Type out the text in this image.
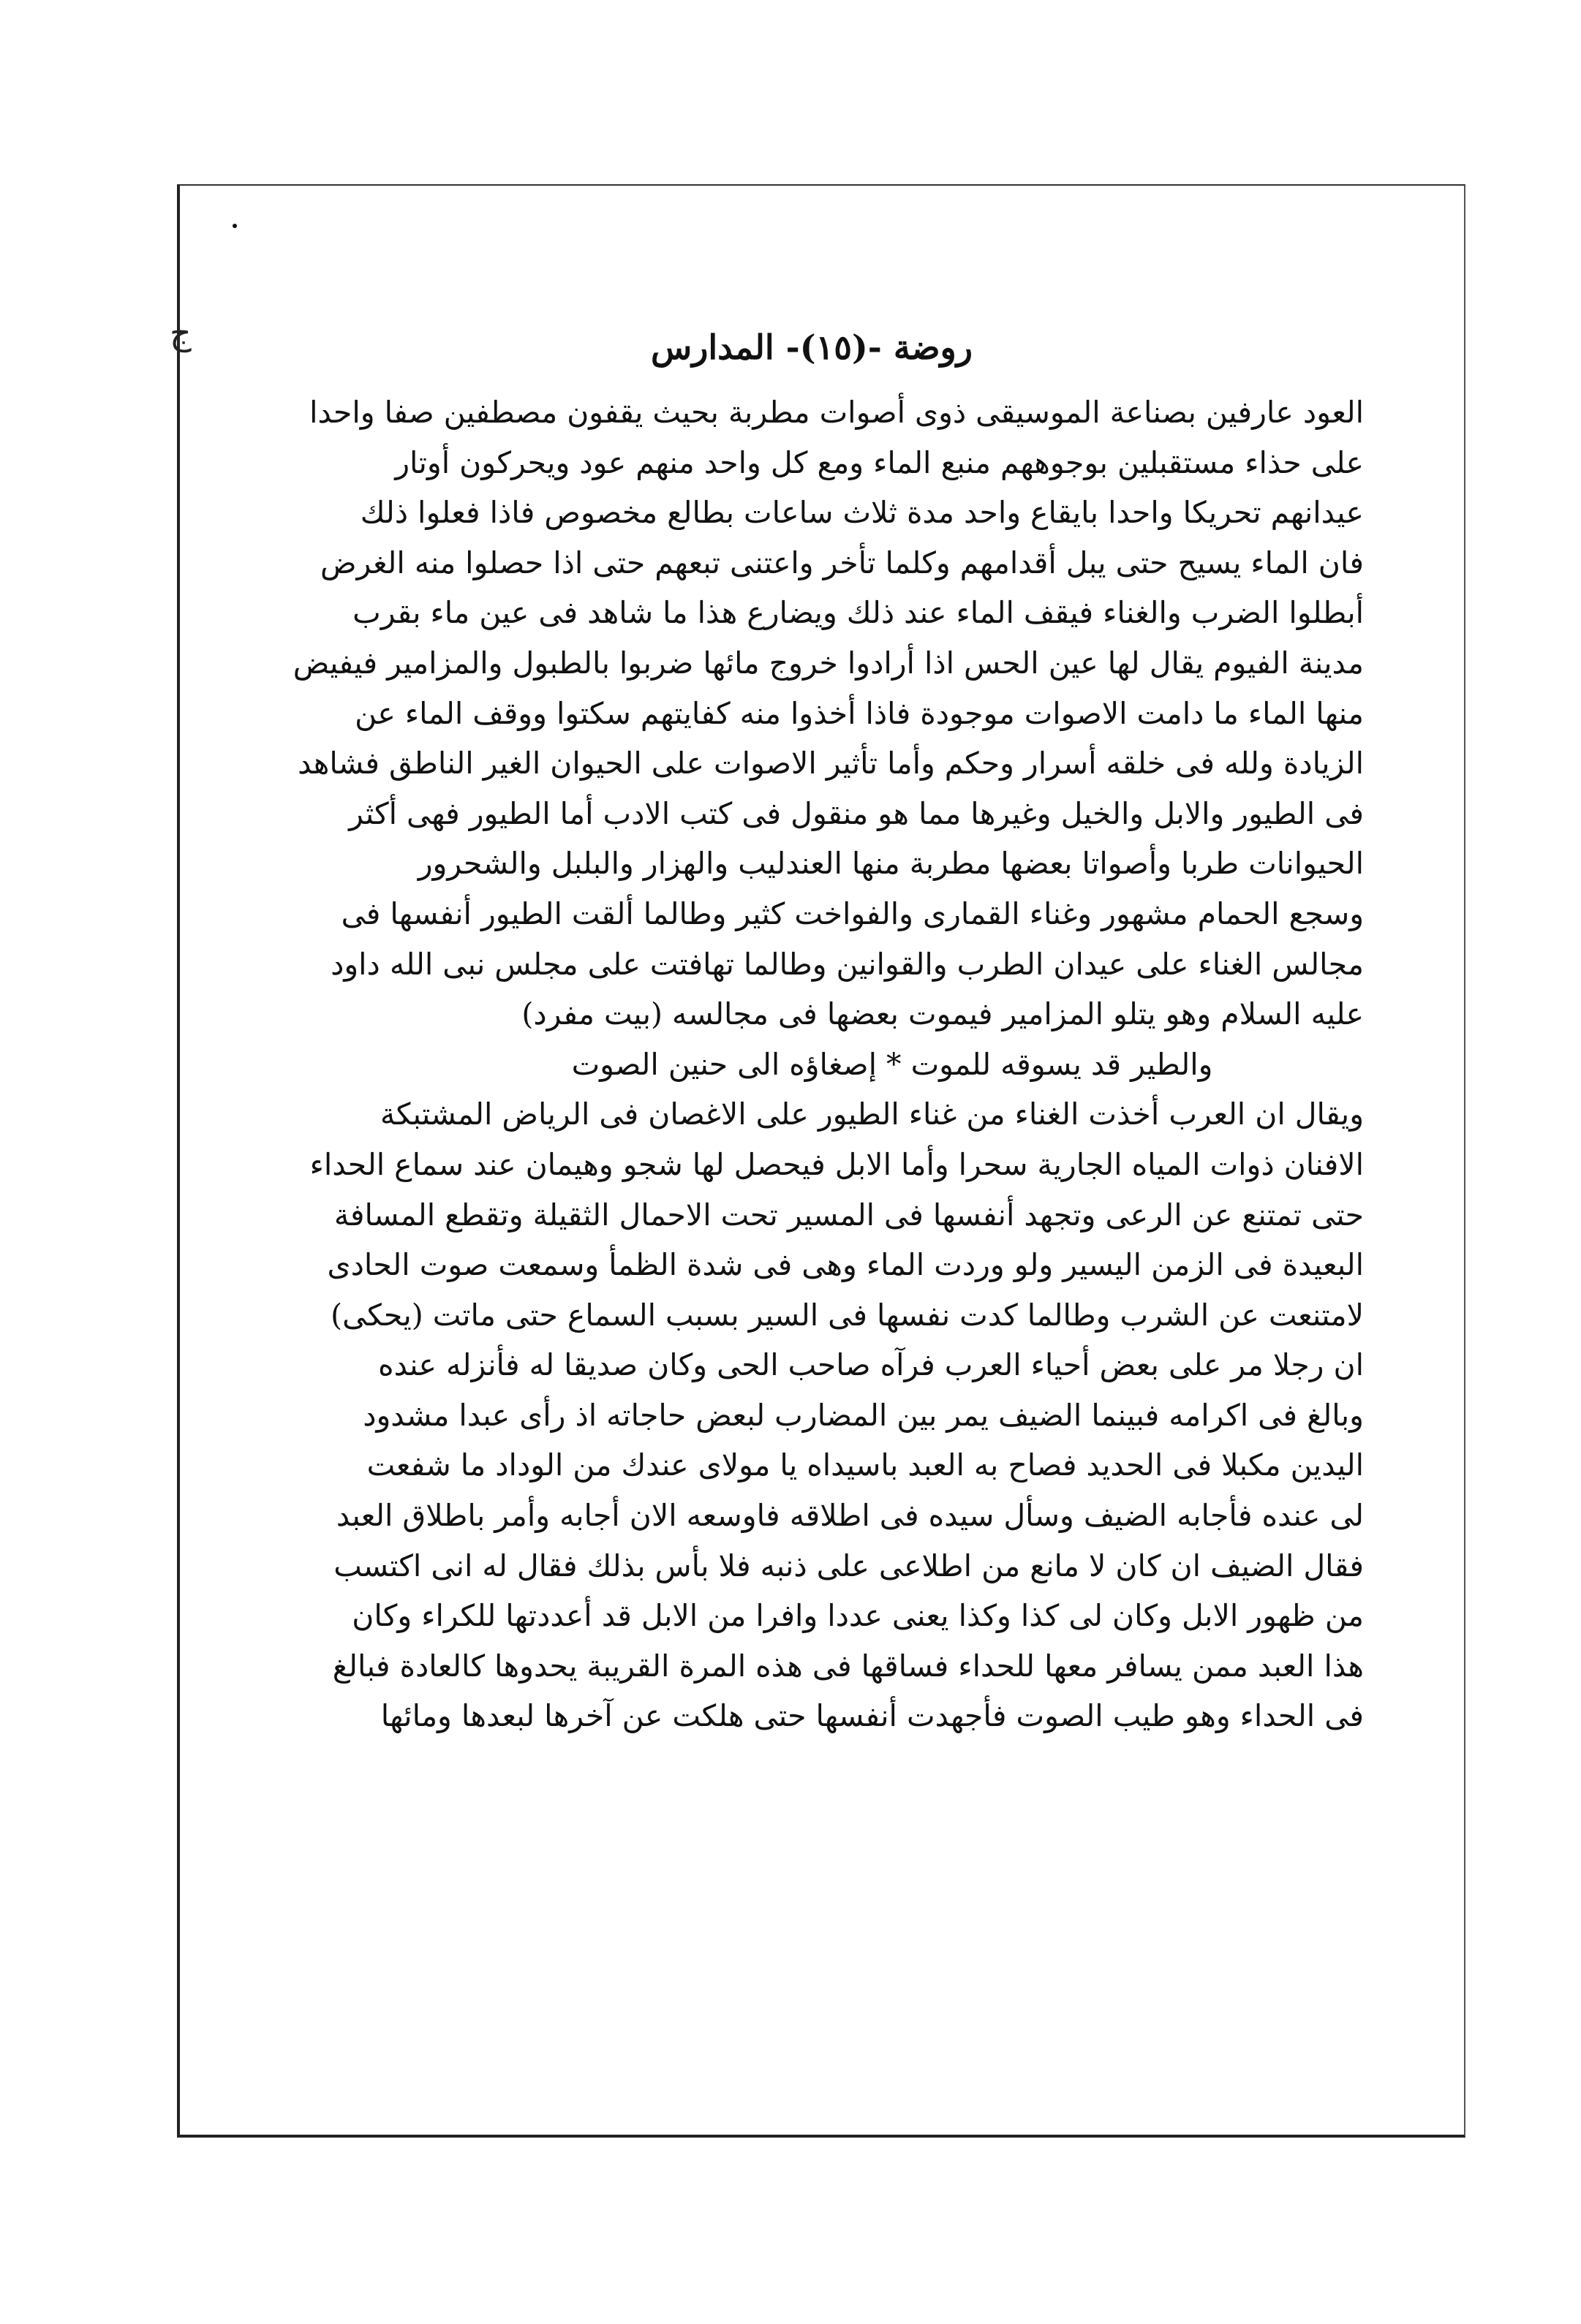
ج	روضة -(١٥)- المدارس
العود عارفين بصناعة الموسيقى ذوى أصوات مطربة بحيث يقفون مصطفين صفا واحدا
على حذاء مستقبلين بوجوههم منبع الماء ومع كل واحد منهم عود ويحركون أوتار
عيدانهم تحريكا واحدا بايقاع واحد مدة ثلاث ساعات بطالع مخصوص فاذا فعلوا ذلك
فان الماء يسيح حتى يبل أقدامهم وكلما تأخر واعتنى تبعهم حتى اذا حصلوا منه الغرض
أبطلوا الضرب والغناء فيقف الماء عند ذلك ويضارع هذا ما شاهد فى عين ماء بقرب
مدينة الفيوم يقال لها عين الحس اذا أرادوا خروج مائها ضربوا بالطبول والمزامير فيفيض
منها الماء ما دامت الاصوات موجودة فاذا أخذوا منه كفايتهم سكتوا ووقف الماء عن
الزيادة ولله فى خلقه أسرار وحكم وأما تأثير الاصوات على الحيوان الغير الناطق فشاهد
فى الطيور والابل والخيل وغيرها مما هو منقول فى كتب الادب أما الطيور فهى أكثر
الحيوانات طربا وأصواتا بعضها مطربة منها العندليب والهزار والبلبل والشحرور
وسجع الحمام مشهور وغناء القمارى والفواخت كثير وطالما ألقت الطيور أنفسها فى
مجالس الغناء على عيدان الطرب والقوانين وطالما تهافتت على مجلس نبى الله داود
عليه السلام وهو يتلو المزامير فيموت بعضها فى مجالسه (بيت مفرد)
والطير قد يسوقه للموت * إصغاؤه الى حنين الصوت
ويقال ان العرب أخذت الغناء من غناء الطيور على الاغصان فى الرياض المشتبكة
الافنان ذوات المياه الجارية سحرا وأما الابل فيحصل لها شجو وهيمان عند سماع الحداء
حتى تمتنع عن الرعى وتجهد أنفسها فى المسير تحت الاحمال الثقيلة وتقطع المسافة
البعيدة فى الزمن اليسير ولو وردت الماء وهى فى شدة الظمأ وسمعت صوت الحادى
لامتنعت عن الشرب وطالما كدت نفسها فى السير بسبب السماع حتى ماتت (يحكى)
ان رجلا مر على بعض أحياء العرب فرآه صاحب الحى وكان صديقا له فأنزله عنده
وبالغ فى اكرامه فبينما الضيف يمر بين المضارب لبعض حاجاته اذ رأى عبدا مشدود
اليدين مكبلا فى الحديد فصاح به العبد باسيداه يا مولاى عندك من الوداد ما شفعت
لى عنده فأجابه الضيف وسأل سيده فى اطلاقه فاوسعه الان أجابه وأمر باطلاق العبد
فقال الضيف ان كان لا مانع من اطلاعى على ذنبه فلا بأس بذلك فقال له انى اكتسب
من ظهور الابل وكان لى كذا وكذا يعنى عددا وافرا من الابل قد أعددتها للكراء وكان
هذا العبد ممن يسافر معها للحداء فساقها فى هذه المرة القريبة يحدوها كالعادة فبالغ
فى الحداء وهو طيب الصوت فأجهدت أنفسها حتى هلكت عن آخرها لبعدها ومائها
